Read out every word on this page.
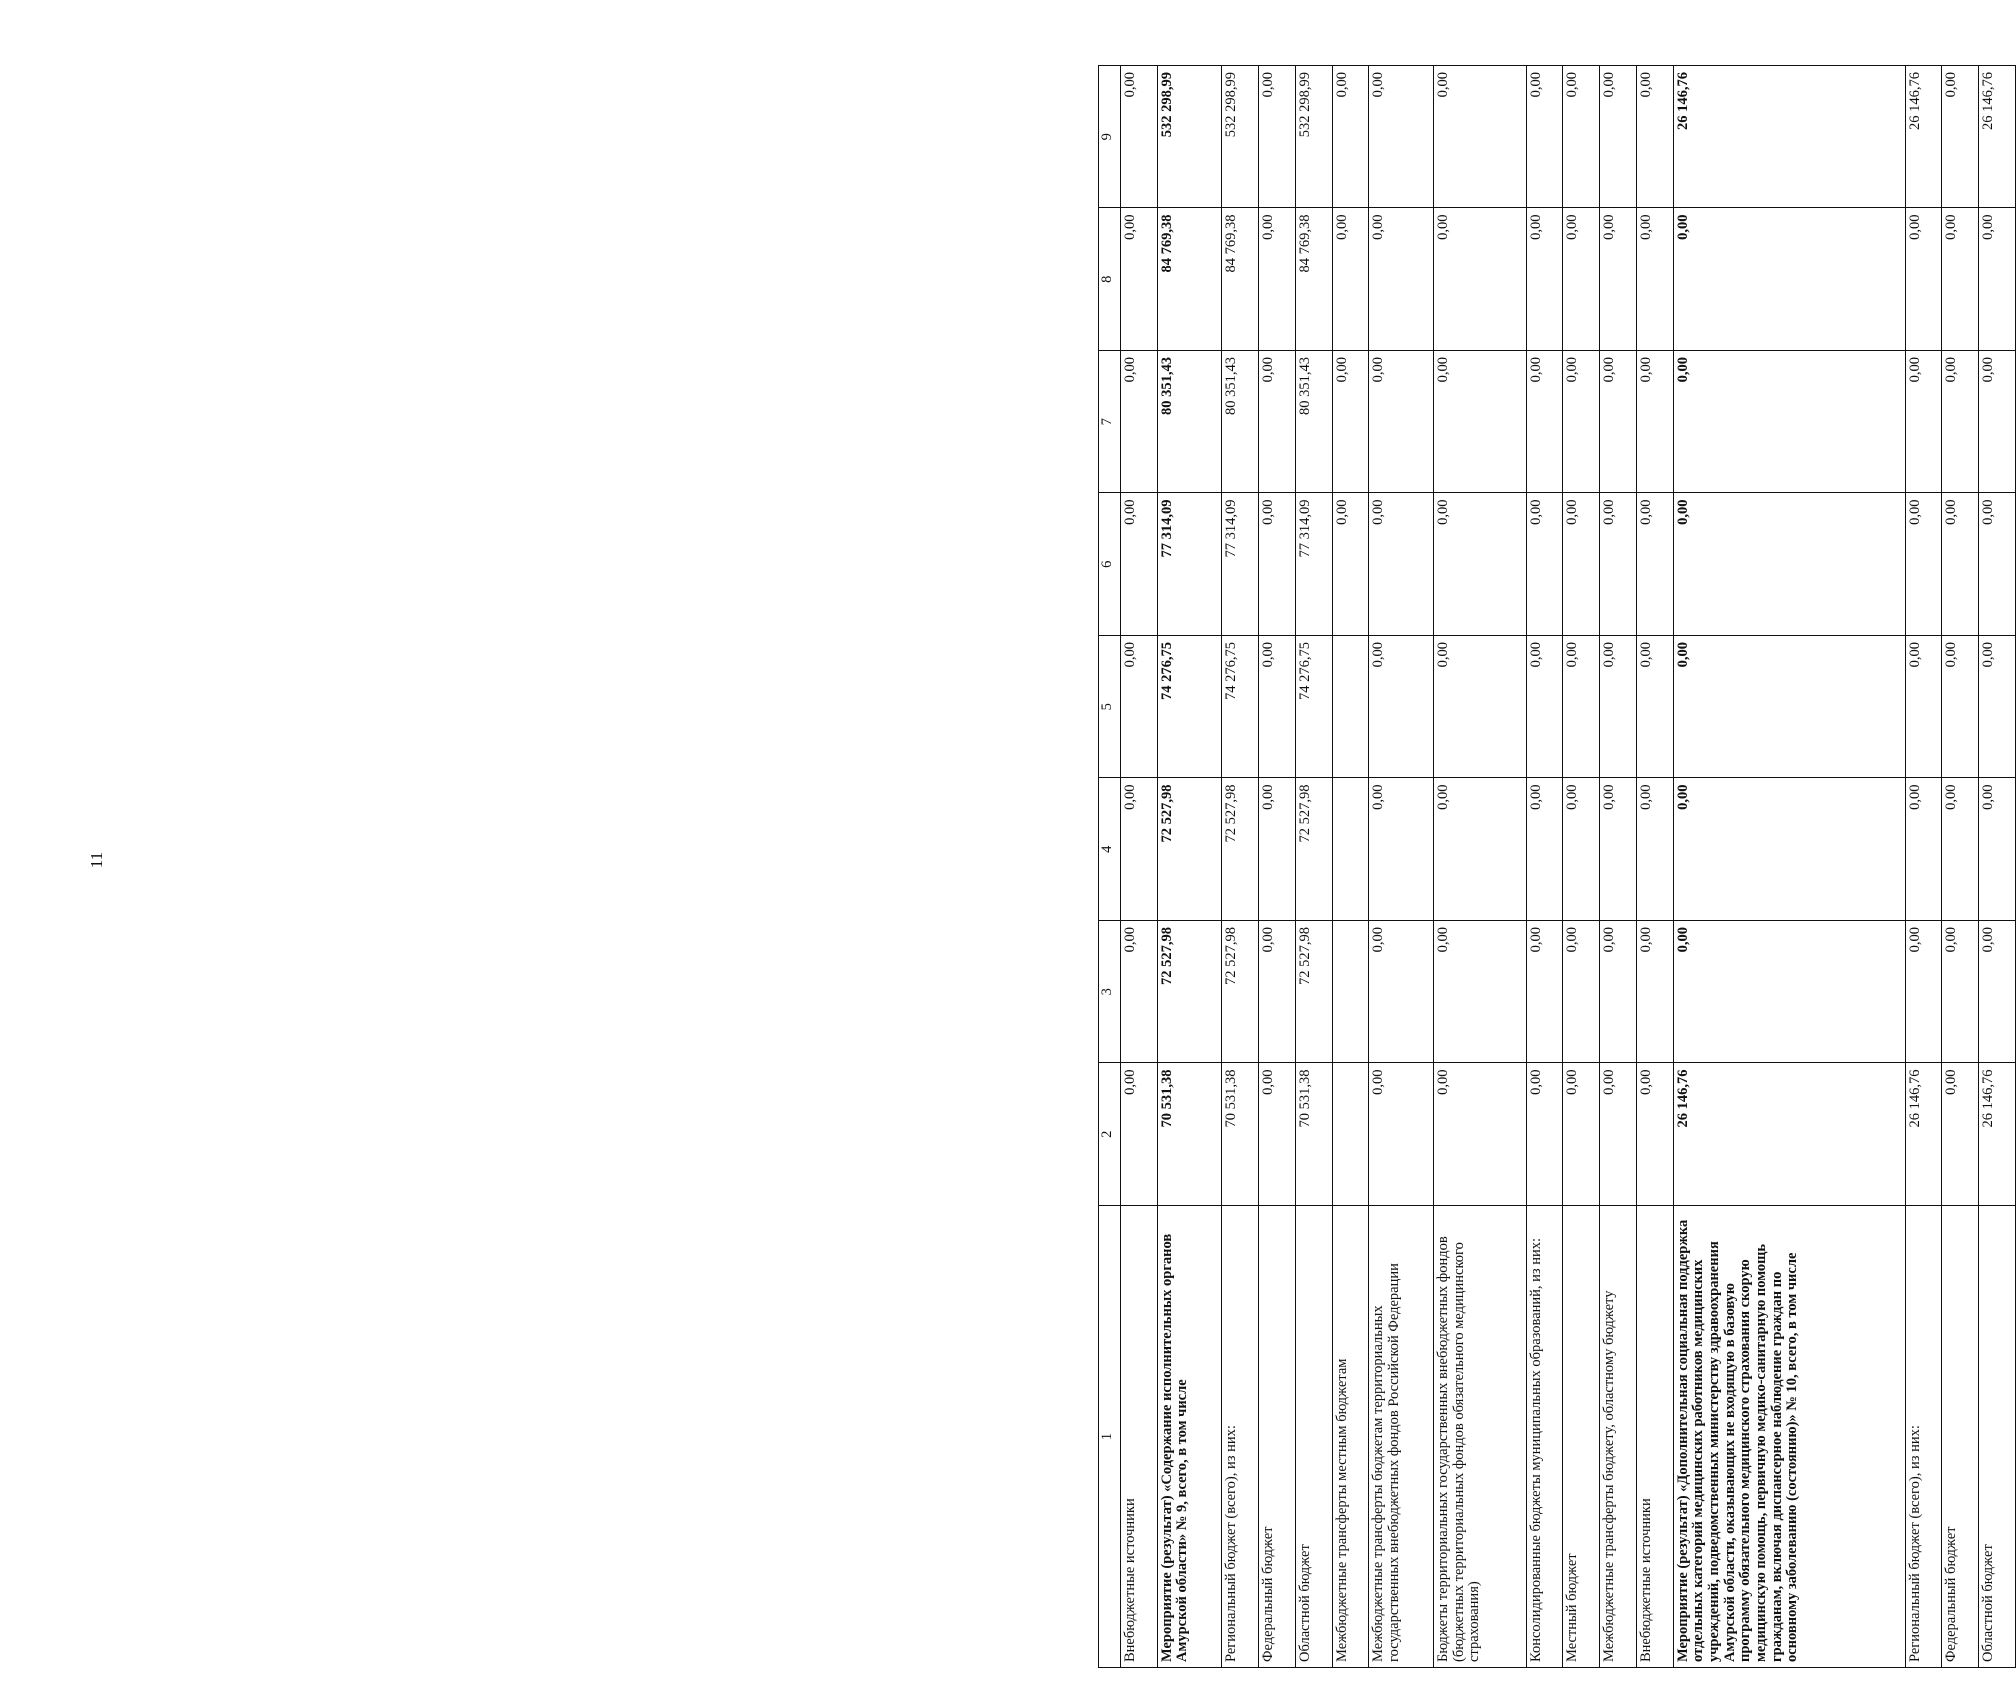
11
1	2	3	4	5	6	7	8	9
Внебюджетные источники	0,00	0,00	0,00	0,00	0,00	0,00	0,00	0,00
Мероприятие (результат) «Содержание исполнительных органов Амурской области» № 9, всего, в том числе	70 531,38	72 527,98	72 527,98	74 276,75	77 314,09	80 351,43	84 769,38	532 298,99
Региональный бюджет (всего), из них:	70 531,38	72 527,98	72 527,98	74 276,75	77 314,09	80 351,43	84 769,38	532 298,99
Федеральный бюджет	0,00	0,00	0,00	0,00	0,00	0,00	0,00	0,00
Областной бюджет	70 531,38	72 527,98	72 527,98	74 276,75	77 314,09	80 351,43	84 769,38	532 298,99
Межбюджетные трансферты местным бюджетам					0,00	0,00	0,00	0,00
Межбюджетные трансферты бюджетам территориальных государственных внебюджетных фондов Российской Федерации	0,00	0,00	0,00	0,00	0,00	0,00	0,00	0,00
Бюджеты территориальных государственных внебюджетных фондов (бюджетных территориальных фондов обязательного медицинского страхования)	0,00	0,00	0,00	0,00	0,00	0,00	0,00	0,00
Консолидированные бюджеты муниципальных образований, из них:	0,00	0,00	0,00	0,00	0,00	0,00	0,00	0,00
Местный бюджет	0,00	0,00	0,00	0,00	0,00	0,00	0,00	0,00
Межбюджетные трансферты бюджету, областному бюджету	0,00	0,00	0,00	0,00	0,00	0,00	0,00	0,00
Внебюджетные источники	0,00	0,00	0,00	0,00	0,00	0,00	0,00	0,00
Мероприятие (результат) «Дополнительная социальная поддержка отдельных категорий медицинских работников медицинских учреждений, подведомственных министерству здравоохранения Амурской области, оказывающих не входящую в базовую программу обязательного медицинского страхования скорую медицинскую помощь, первичную медико-санитарную помощь гражданам, включая диспансерное наблюдение граждан по основному заболеванию (состоянию)» № 10, всего, в том числе	26 146,76	0,00	0,00	0,00	0,00	0,00	0,00	26 146,76
Региональный бюджет (всего), из них:	26 146,76	0,00	0,00	0,00	0,00	0,00	0,00	26 146,76
Федеральный бюджет	0,00	0,00	0,00	0,00	0,00	0,00	0,00	0,00
Областной бюджет	26 146,76	0,00	0,00	0,00	0,00	0,00	0,00	26 146,76
